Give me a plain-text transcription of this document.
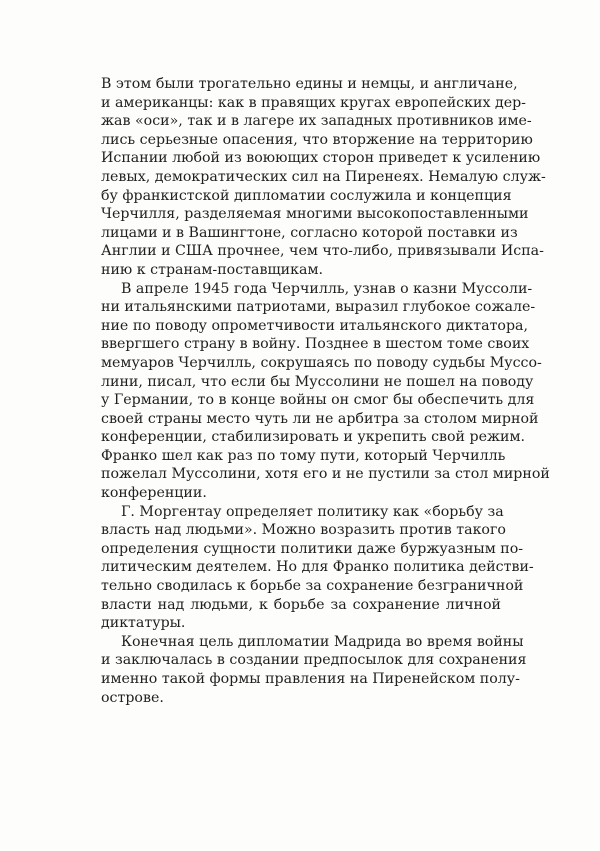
В этом были трогательно едины и немцы, и англичане,
и американцы: как в правящих кругах европейских дер-
жав «оси», так и в лагере их западных противников име-
лись серьезные опасения, что вторжение на территорию
Испании любой из воюющих сторон приведет к усилению
левых, демократических сил на Пиренеях. Немалую служ-
бу франкистской дипломатии сослужила и концепция
Черчилля, разделяемая многими высокопоставленными
лицами и в Вашингтоне, согласно которой поставки из
Англии и США прочнее, чем что-либо, привязывали Испа-
нию к странам-поставщикам.
В апреле 1945 года Черчилль, узнав о казни Муссоли-
ни итальянскими патриотами, выразил глубокое сожале-
ние по поводу опрометчивости итальянского диктатора,
ввергшего страну в войну. Позднее в шестом томе своих
мемуаров Черчилль, сокрушаясь по поводу судьбы Муссо-
лини, писал, что если бы Муссолини не пошел на поводу
у Германии, то в конце войны он смог бы обеспечить для
своей страны место чуть ли не арбитра за столом мирной
конференции, стабилизировать и укрепить свой режим.
Франко шел как раз по тому пути, который Черчилль
пожелал Муссолини, хотя его и не пустили за стол мирной
конференции.
Г. Моргентау определяет политику как «борьбу за
власть над людьми». Можно возразить против такого
определения сущности политики даже буржуазным по-
литическим деятелем. Но для Франко политика действи-
тельно сводилась к борьбе за сохранение безграничной
власти над людьми, к борьбе за сохранение личной
диктатуры.
Конечная цель дипломатии Мадрида во время войны
и заключалась в создании предпосылок для сохранения
именно такой формы правления на Пиренейском полу-
острове.
